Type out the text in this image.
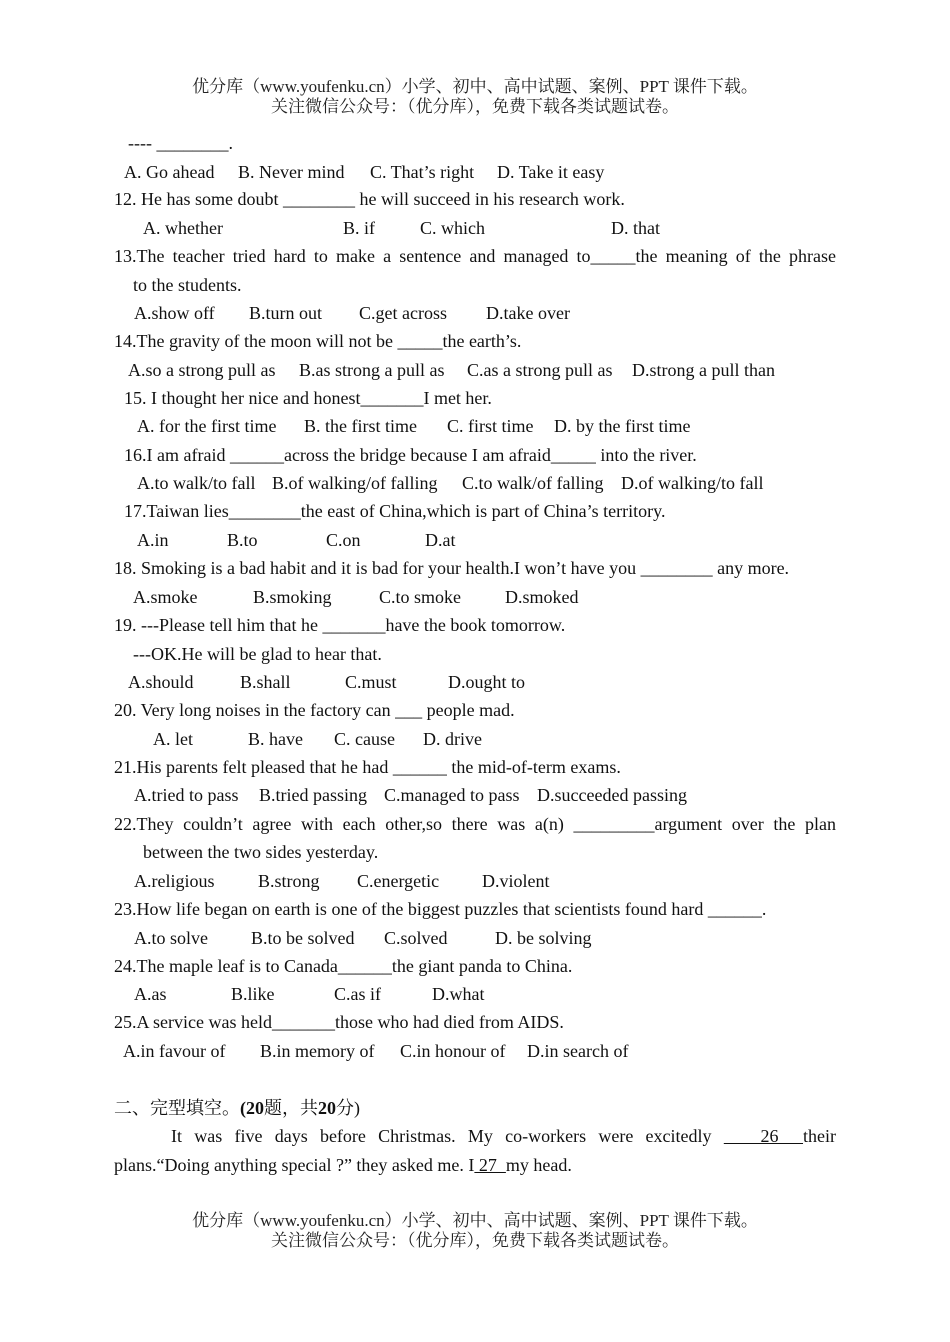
优分库（www.youfenku.cn）小学、初中、高中试题、案例、PPT 课件下载。
关注微信公众号：（优分库），免费下载各类试题试卷。
---- ________.
A. Go ahead B. Never mind C. That’s right D. Take it easy
12. He has some doubt ________ he will succeed in his research work.
A. whether	B. if C. which	D. that
13.The teacher tried hard to make a sentence and managed to_____the meaning of the phrase
to the students.
A.show off B.turn out C.get across D.take over
14.The gravity of the moon will not be _____the earth’s.
A.so a strong pull as B.as strong a pull as C.as a strong pull as D.strong a pull than
15. I thought her nice and honest_______I met her.
A. for the first time B. the first time C. first time D. by the first time
16.I am afraid ______across the bridge because I am afraid_____ into the river.
A.to walk/to fall B.of walking/of falling C.to walk/of falling D.of walking/to fall
17.Taiwan lies________the east of China,which is part of China’s territory.
A.in	B.to	C.on	D.at
18. Smoking is a bad habit and it is bad for your health.I won’t have you ________ any more.
A.smoke	B.smoking	C.to smoke D.smoked
19. ---Please tell him that he _______have the book tomorrow.
---OK.He will be glad to hear that.
A.should	B.shall	C.must	D.ought to
20. Very long noises in the factory can ___ people mad.
A. let	B. have C. cause D. drive
21.His parents felt pleased that he had ______ the mid-of-term exams.
A.tried to pass B.tried passing C.managed to pass D.succeeded passing
22.They couldn’t agree with each other,so there was a(n) _________argument over the plan
between the two sides yesterday.
A.religious B.strong C.energetic D.violent
23.How life began on earth is one of the biggest puzzles that scientists found hard ______.
A.to solve B.to be solved C.solved	D. be solving
24.The maple leaf is to Canada______the giant panda to China.
A.as	B.like	C.as if	D.what
25.A service was held_______those who had died from AIDS.
A.in favour of B.in memory of C.in honour of D.in search of
二、完型填空。(20题，共20分)
It was five days before Christmas. My co-workers were excitedly    26  their
plans.“Doing anything special ?” they asked me. I 27  my head.
优分库（www.youfenku.cn）小学、初中、高中试题、案例、PPT 课件下载。
关注微信公众号：（优分库），免费下载各类试题试卷。
